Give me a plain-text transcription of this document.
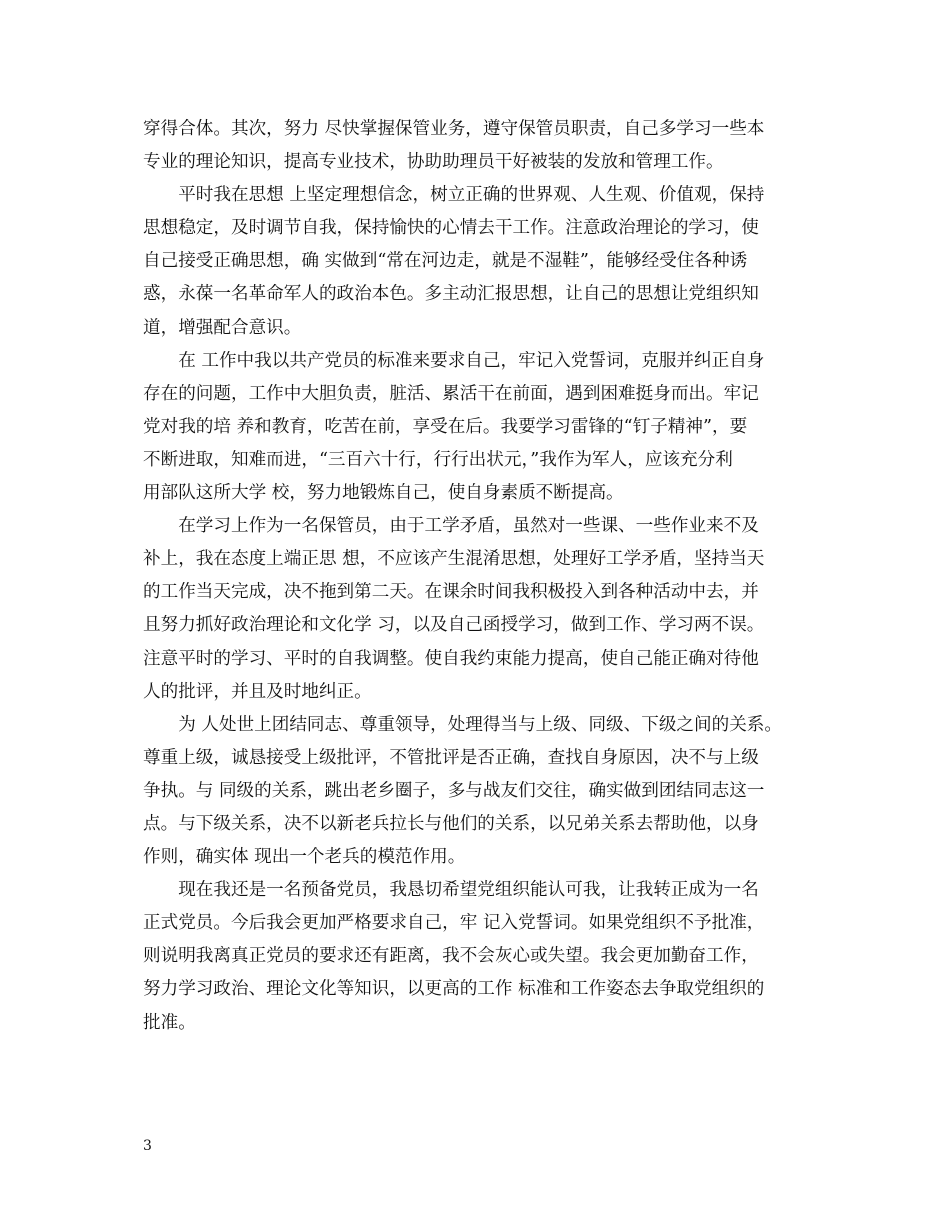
穿得合体。其次，努力 尽快掌握保管业务，遵守保管员职责，自己多学习一些本
专业的理论知识，提高专业技术，协助助理员干好被装的发放和管理工作。
　　平时我在思想 上坚定理想信念，树立正确的世界观、人生观、价值观，保持
思想稳定，及时调节自我，保持愉快的心情去干工作。注意政治理论的学习，使
自己接受正确思想，确 实做到“常在河边走，就是不湿鞋”，能够经受住各种诱
惑，永葆一名革命军人的政治本色。多主动汇报思想，让自己的思想让党组织知
道，增强配合意识。
　　在 工作中我以共产党员的标准来要求自己，牢记入党誓词，克服并纠正自身
存在的问题，工作中大胆负责，脏活、累活干在前面，遇到困难挺身而出。牢记
党对我的培 养和教育，吃苦在前，享受在后。我要学习雷锋的“钉子精神”，要
不断进取，知难而进，“三百六十行，行行出状元，”我作为军人，应该充分利
用部队这所大学 校，努力地锻炼自己，使自身素质不断提高。
　　在学习上作为一名保管员，由于工学矛盾，虽然对一些课、一些作业来不及
补上，我在态度上端正思 想，不应该产生混淆思想，处理好工学矛盾，坚持当天
的工作当天完成，决不拖到第二天。在课余时间我积极投入到各种活动中去，并
且努力抓好政治理论和文化学 习，以及自己函授学习，做到工作、学习两不误。
注意平时的学习、平时的自我调整。使自我约束能力提高，使自己能正确对待他
人的批评，并且及时地纠正。
　　为 人处世上团结同志、尊重领导，处理得当与上级、同级、下级之间的关系。
尊重上级，诚恳接受上级批评，不管批评是否正确，查找自身原因，决不与上级
争执。与 同级的关系，跳出老乡圈子，多与战友们交往，确实做到团结同志这一
点。与下级关系，决不以新老兵拉长与他们的关系，以兄弟关系去帮助他，以身
作则，确实体 现出一个老兵的模范作用。
　　现在我还是一名预备党员，我恳切希望党组织能认可我，让我转正成为一名
正式党员。今后我会更加严格要求自己，牢 记入党誓词。如果党组织不予批准，
则说明我离真正党员的要求还有距离，我不会灰心或失望。我会更加勤奋工作，
努力学习政治、理论文化等知识，以更高的工作 标准和工作姿态去争取党组织的
批准。
3
